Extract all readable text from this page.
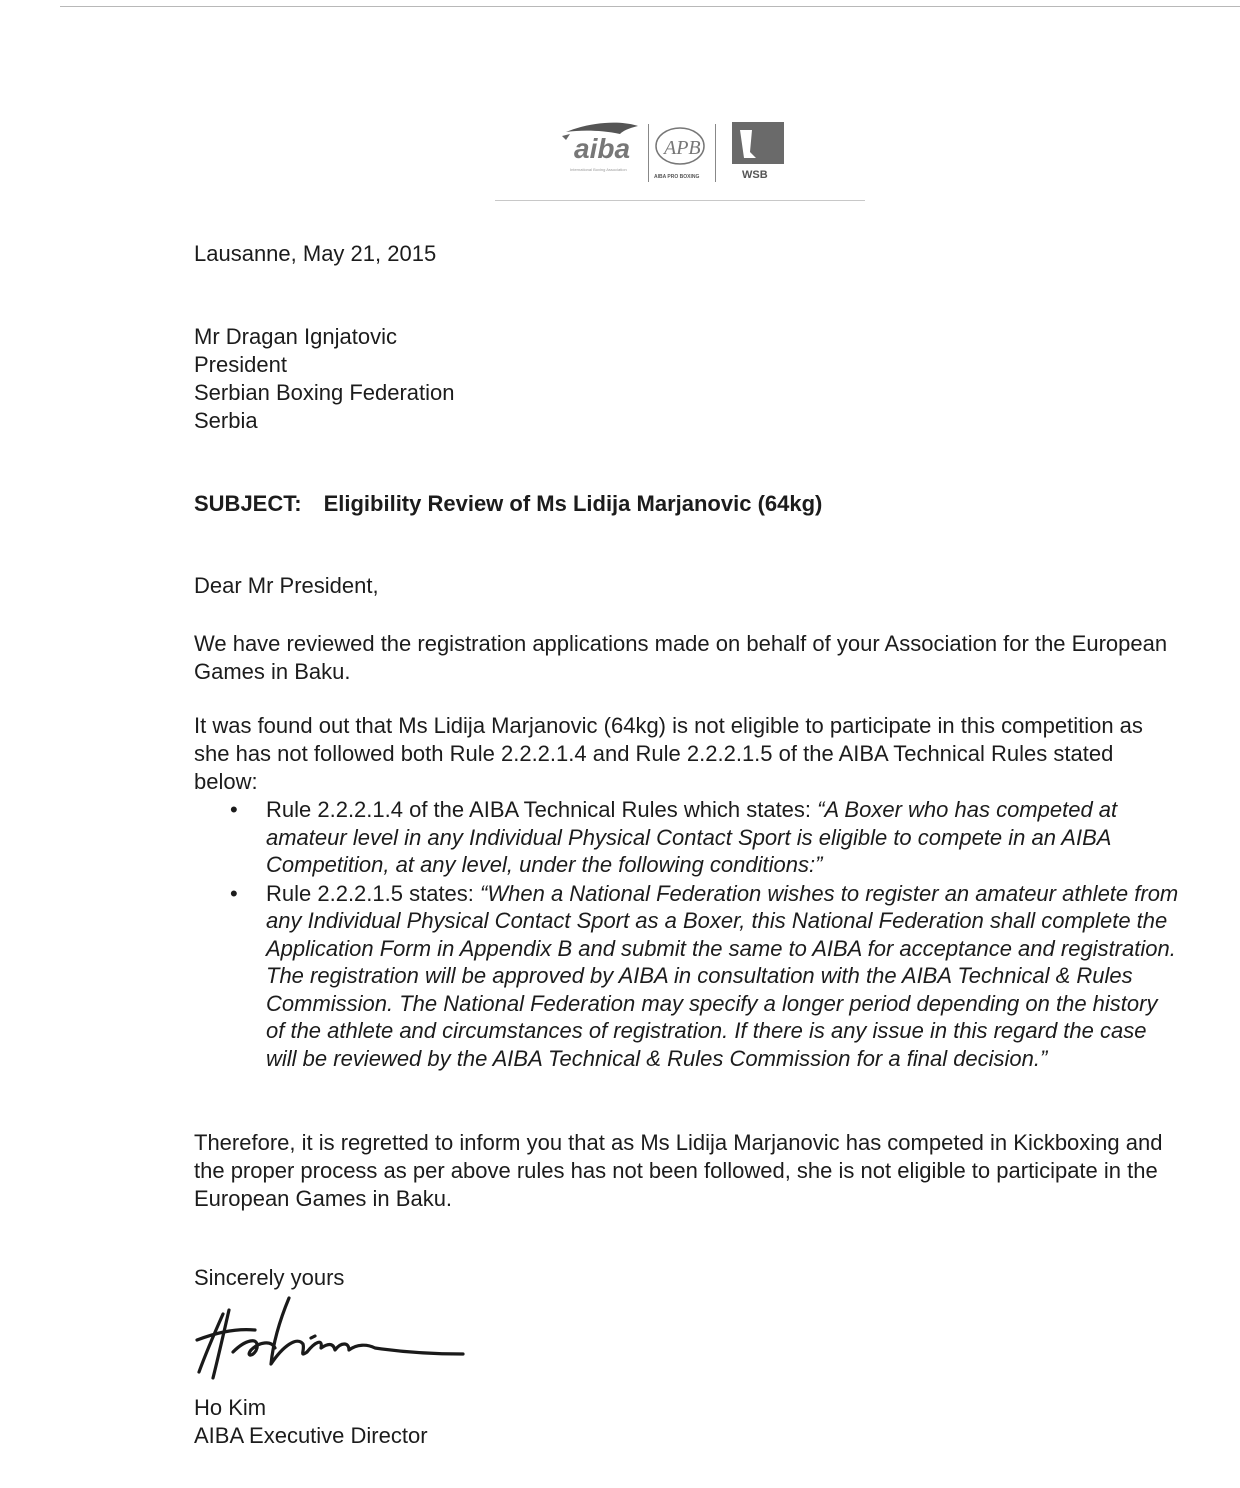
aiba
International Boxing Association
APB
AIBA PRO BOXING	WSB

Lausanne, May 21, 2015

Mr Dragan Ignjatovic
President
Serbian Boxing Federation
Serbia

SUBJECT: Eligibility Review of Ms Lidija Marjanovic (64kg)

Dear Mr President,

We have reviewed the registration applications made on behalf of your Association for the European Games in Baku.

It was found out that Ms Lidija Marjanovic (64kg) is not eligible to participate in this competition as she has not followed both Rule 2.2.2.1.4 and Rule 2.2.2.1.5 of the AIBA Technical Rules stated below:

• Rule 2.2.2.1.4 of the AIBA Technical Rules which states: “A Boxer who has competed at amateur level in any Individual Physical Contact Sport is eligible to compete in an AIBA Competition, at any level, under the following conditions:”
• Rule 2.2.2.1.5 states: “When a National Federation wishes to register an amateur athlete from any Individual Physical Contact Sport as a Boxer, this National Federation shall complete the Application Form in Appendix B and submit the same to AIBA for acceptance and registration. The registration will be approved by AIBA in consultation with the AIBA Technical & Rules Commission. The National Federation may specify a longer period depending on the history of the athlete and circumstances of registration. If there is any issue in this regard the case will be reviewed by the AIBA Technical & Rules Commission for a final decision.”

Therefore, it is regretted to inform you that as Ms Lidija Marjanovic has competed in Kickboxing and the proper process as per above rules has not been followed, she is not eligible to participate in the European Games in Baku.

Sincerely yours

Ho Kim
AIBA Executive Director
